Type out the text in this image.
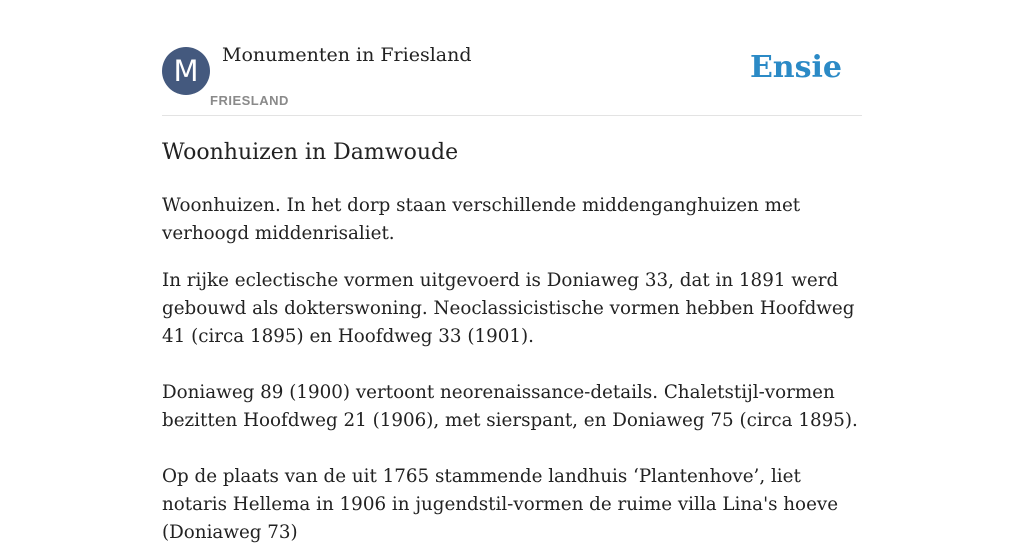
M	Monumenten in Friesland
FRIESLAND
Ensie
Woonhuizen in Damwoude

Woonhuizen. In het dorp staan verschillende middenganghuizen met verhoogd middenrisaliet.

In rijke eclectische vormen uitgevoerd is Doniaweg 33, dat in 1891 werd gebouwd als dokterswoning. Neoclassicistische vormen hebben Hoofdweg 41 (circa 1895) en Hoofdweg 33 (1901).

Doniaweg 89 (1900) vertoont neorenaissance-details. Chaletstijl-vormen bezitten Hoofdweg 21 (1906), met sierspant, en Doniaweg 75 (circa 1895).

Op de plaats van de uit 1765 stammende landhuis ‘Plantenhove’, liet notaris Hellema in 1906 in jugendstil-vormen de ruime villa Lina's hoeve (Doniaweg 73)
